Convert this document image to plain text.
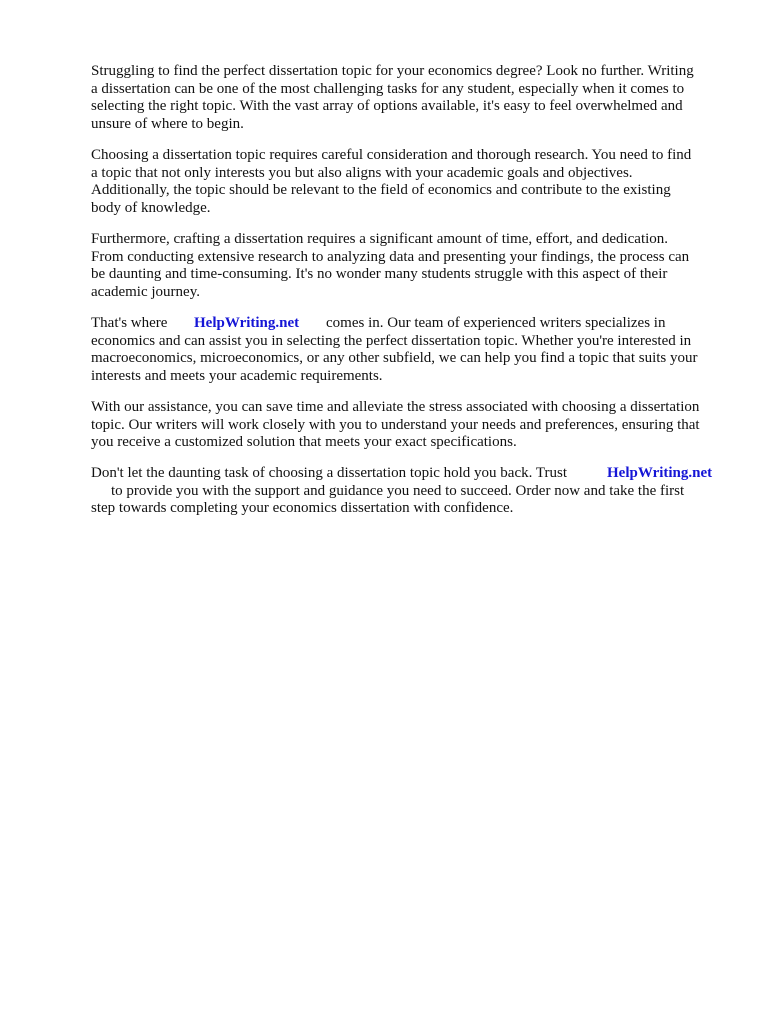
Struggling to find the perfect dissertation topic for your economics degree? Look no further. Writing

a dissertation can be one of the most challenging tasks for any student, especially when it comes to

selecting the right topic. With the vast array of options available, it's easy to feel overwhelmed and

unsure of where to begin.

Choosing a dissertation topic requires careful consideration and thorough research. You need to find

a topic that not only interests you but also aligns with your academic goals and objectives.

Additionally, the topic should be relevant to the field of economics and contribute to the existing

body of knowledge.

Furthermore, crafting a dissertation requires a significant amount of time, effort, and dedication.

From conducting extensive research to analyzing data and presenting your findings, the process can

be daunting and time-consuming. It's no wonder many students struggle with this aspect of their

academic journey.

That's where HelpWriting.net comes in. Our team of experienced writers specializes in

economics and can assist you in selecting the perfect dissertation topic. Whether you're interested in

macroeconomics, microeconomics, or any other subfield, we can help you find a topic that suits your

interests and meets your academic requirements.

With our assistance, you can save time and alleviate the stress associated with choosing a dissertation

topic. Our writers will work closely with you to understand your needs and preferences, ensuring that

you receive a customized solution that meets your exact specifications.

Don't let the daunting task of choosing a dissertation topic hold you back. Trust	HelpWriting.net
to provide you with the support and guidance you need to succeed. Order now and take the first

step towards completing your economics dissertation with confidence.
